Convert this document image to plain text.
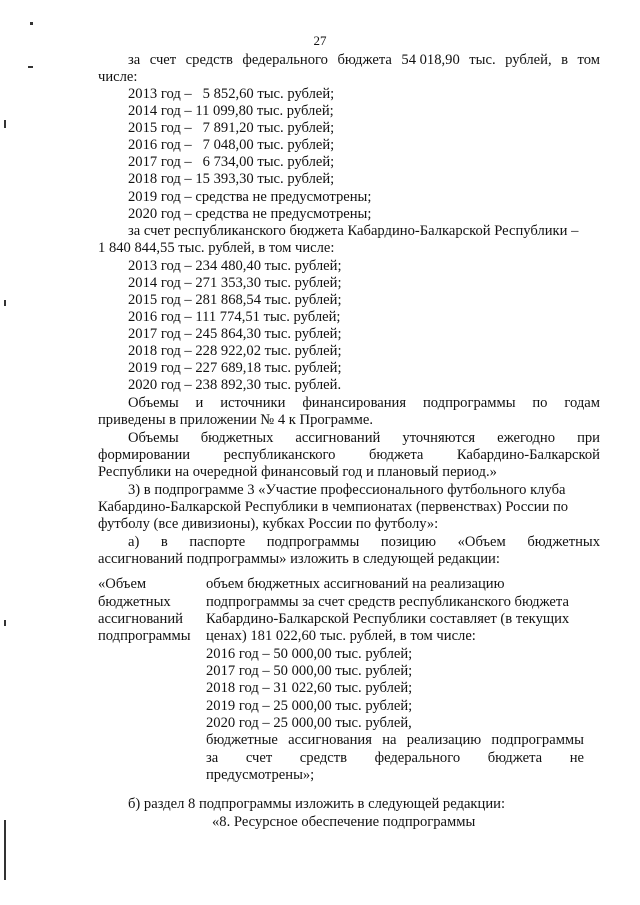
27
за счет средств федерального бюджета 54 018,90 тыс. рублей, в том
числе:
2013 год –   5 852,60 тыс. рублей;
2014 год – 11 099,80 тыс. рублей;
2015 год –   7 891,20 тыс. рублей;
2016 год –   7 048,00 тыс. рублей;
2017 год –   6 734,00 тыс. рублей;
2018 год – 15 393,30 тыс. рублей;
2019 год – средства не предусмотрены;
2020 год – средства не предусмотрены;
за счет республиканского бюджета Кабардино-Балкарской Республики –
1 840 844,55 тыс. рублей, в том числе:
2013 год – 234 480,40 тыс. рублей;
2014 год – 271 353,30 тыс. рублей;
2015 год – 281 868,54 тыс. рублей;
2016 год – 111 774,51 тыс. рублей;
2017 год – 245 864,30 тыс. рублей;
2018 год – 228 922,02 тыс. рублей;
2019 год – 227 689,18 тыс. рублей;
2020 год – 238 892,30 тыс. рублей.
Объемы и источники финансирования подпрограммы по годам
приведены в приложении № 4 к Программе.
Объемы бюджетных ассигнований уточняются ежегодно при
формировании республиканского бюджета Кабардино-Балкарской
Республики на очередной финансовый год и плановый период.»
3) в подпрограмме 3 «Участие профессионального футбольного клуба
Кабардино-Балкарской Республики в чемпионатах (первенствах) России по
футболу (все дивизионы), кубках России по футболу»:
а) в паспорте подпрограммы позицию «Объем бюджетных
ассигнований подпрограммы» изложить в следующей редакции:
«Объем
бюджетных
ассигнований
подпрограммы
объем бюджетных ассигнований на реализацию
подпрограммы за счет средств республиканского бюджета
Кабардино-Балкарской Республики составляет (в текущих
ценах) 181 022,60 тыс. рублей, в том числе:
2016 год – 50 000,00 тыс. рублей;
2017 год – 50 000,00 тыс. рублей;
2018 год – 31 022,60 тыс. рублей;
2019 год – 25 000,00 тыс. рублей;
2020 год – 25 000,00 тыс. рублей,
бюджетные ассигнования на реализацию подпрограммы
за счет средств федерального бюджета не
предусмотрены»;
б) раздел 8 подпрограммы изложить в следующей редакции:
«8. Ресурсное обеспечение подпрограммы
